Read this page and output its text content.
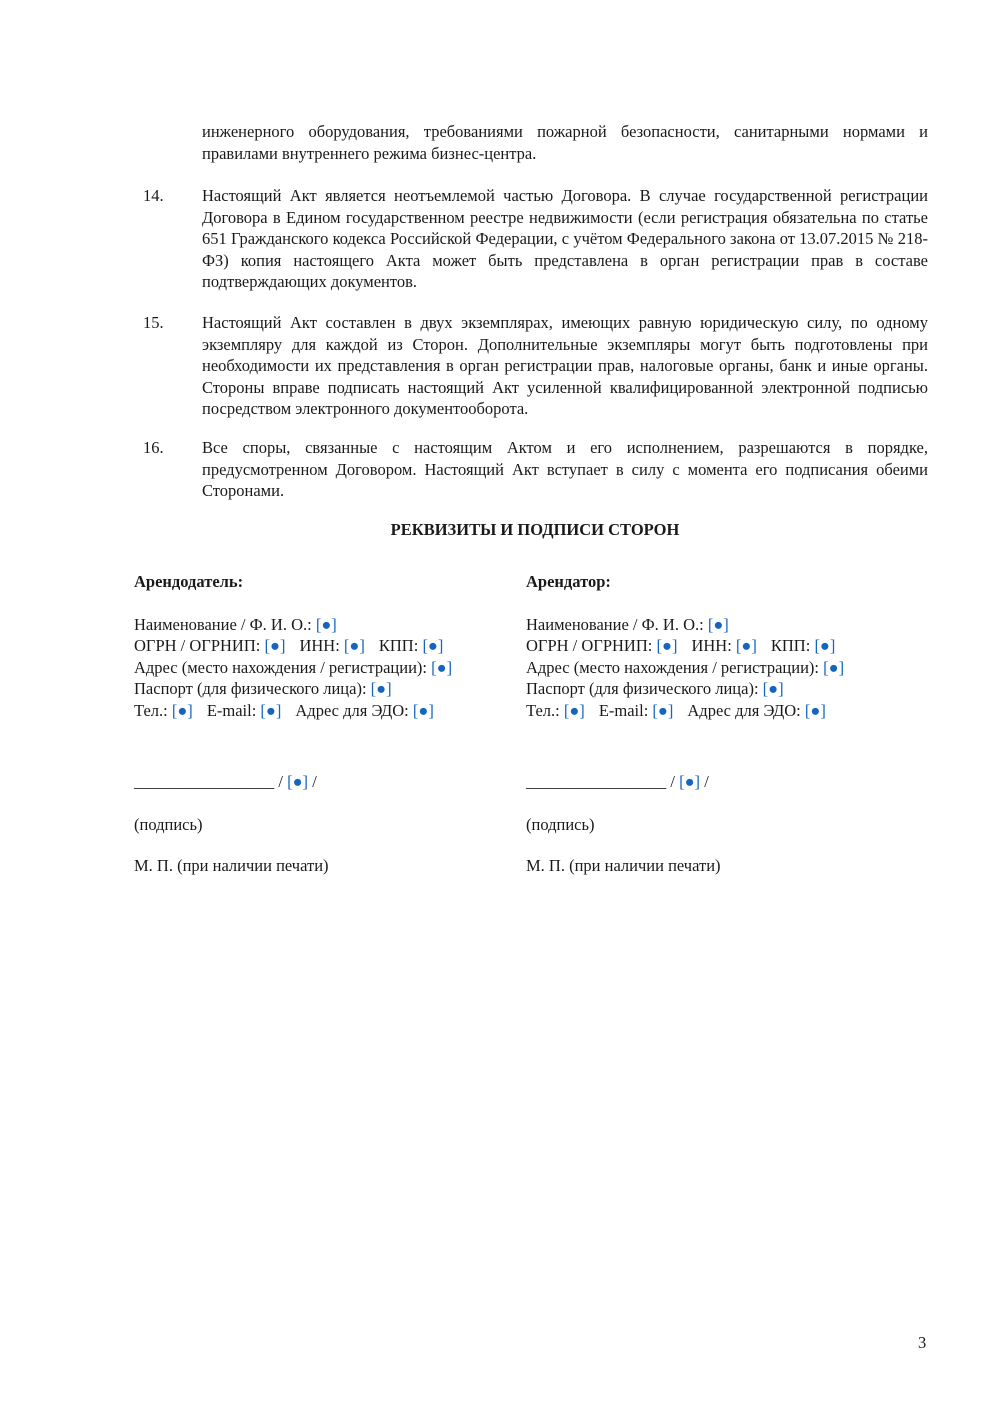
инженерного оборудования, требованиями пожарной безопасности, санитарными нормами и правилами внутреннего режима бизнес-центра.
14.	Настоящий Акт является неотъемлемой частью Договора. В случае государственной регистрации Договора в Едином государственном реестре недвижимости (если регистрация обязательна по статье 651 Гражданского кодекса Российской Федерации, с учётом Федерального закона от 13.07.2015 № 218-ФЗ) копия настоящего Акта может быть представлена в орган регистрации прав в составе подтверждающих документов.
15.	Настоящий Акт составлен в двух экземплярах, имеющих равную юридическую силу, по одному экземпляру для каждой из Сторон. Дополнительные экземпляры могут быть подготовлены при необходимости их представления в орган регистрации прав, налоговые органы, банк и иные органы. Стороны вправе подписать настоящий Акт усиленной квалифицированной электронной подписью посредством электронного документооборота.
16.	Все споры, связанные с настоящим Актом и его исполнением, разрешаются в порядке, предусмотренном Договором. Настоящий Акт вступает в силу с момента его подписания обеими Сторонами.
РЕКВИЗИТЫ И ПОДПИСИ СТОРОН
Арендодатель:
Наименование / Ф. И. О.: [●]
ОГРН / ОГРНИП: [●] ИНН: [●] КПП: [●]
Адрес (место нахождения / регистрации): [●]
Паспорт (для физического лица): [●]
Тел.: [●] E-mail: [●] Адрес для ЭДО: [●]
_________________ / [●] /
(подпись)
М. П. (при наличии печати)
Арендатор:
Наименование / Ф. И. О.: [●]
ОГРН / ОГРНИП: [●] ИНН: [●] КПП: [●]
Адрес (место нахождения / регистрации): [●]
Паспорт (для физического лица): [●]
Тел.: [●] E-mail: [●] Адрес для ЭДО: [●]
_________________ / [●] /
(подпись)
М. П. (при наличии печати)
3
